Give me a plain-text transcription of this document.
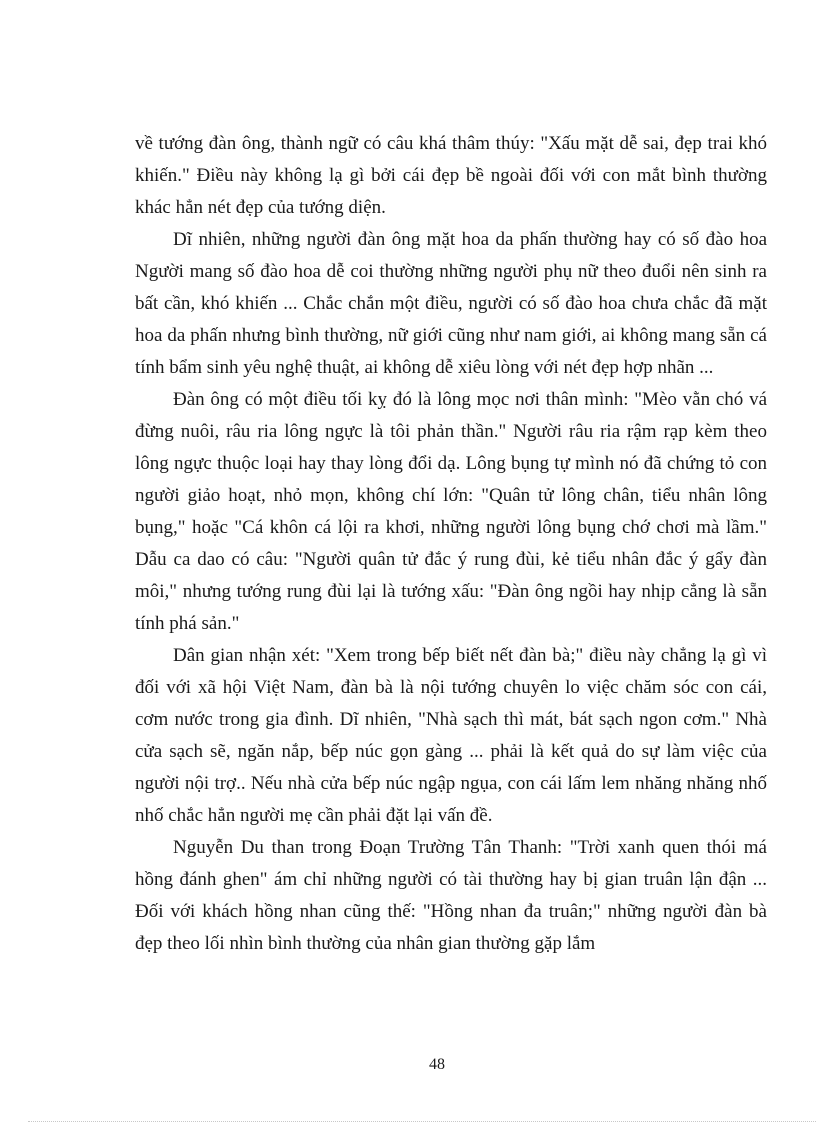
về tướng đàn ông, thành ngữ có câu khá thâm thúy: "Xấu mặt dễ sai, đẹp trai khó khiến." Điều này không lạ gì bởi cái đẹp bề ngoài đối với con mắt bình thường khác hẳn nét đẹp của tướng diện.

Dĩ nhiên, những người đàn ông mặt hoa da phấn thường hay có số đào hoa Người mang số đào hoa dễ coi thường những người phụ nữ theo đuổi nên sinh ra bất cần, khó khiến ... Chắc chắn một điều, người có số đào hoa chưa chắc đã mặt hoa da phấn nhưng bình thường, nữ giới cũng như nam giới, ai không mang sẵn cá tính bẩm sinh yêu nghệ thuật, ai không dễ xiêu lòng với nét đẹp hợp nhãn ...

Đàn ông có một điều tối kỵ đó là lông mọc nơi thân mình: "Mèo vằn chó vá đừng nuôi, râu ria lông ngực là tôi phản thần." Người râu ria rậm rạp kèm theo lông ngực thuộc loại hay thay lòng đổi dạ. Lông bụng tự mình nó đã chứng tỏ con người giảo hoạt, nhỏ mọn, không chí lớn: "Quân tử lông chân, tiểu nhân lông bụng," hoặc "Cá khôn cá lội ra khơi, những người lông bụng chớ chơi mà lầm." Dẫu ca dao có câu: "Người quân tử đắc ý rung đùi, kẻ tiểu nhân đắc ý gẩy đàn môi," nhưng tướng rung đùi lại là tướng xấu: "Đàn ông ngồi hay nhịp cẳng là sẵn tính phá sản."

Dân gian nhận xét: "Xem trong bếp biết nết đàn bà;" điều này chẳng lạ gì vì đối với xã hội Việt Nam, đàn bà là nội tướng chuyên lo việc chăm sóc con cái, cơm nước trong gia đình. Dĩ nhiên, "Nhà sạch thì mát, bát sạch ngon cơm." Nhà cửa sạch sẽ, ngăn nắp, bếp núc gọn gàng ... phải là kết quả do sự làm việc của người nội trợ.. Nếu nhà cửa bếp núc ngập ngụa, con cái lấm lem nhăng nhăng nhố nhố chắc hẳn người mẹ cần phải đặt lại vấn đề.

Nguyễn Du than trong Đoạn Trường Tân Thanh: "Trời xanh quen thói má hồng đánh ghen" ám chỉ những người có tài thường hay bị gian truân lận đận ... Đối với khách hồng nhan cũng thế: "Hồng nhan đa truân;" những người đàn bà đẹp theo lối nhìn bình thường của nhân gian thường gặp lắm

48
